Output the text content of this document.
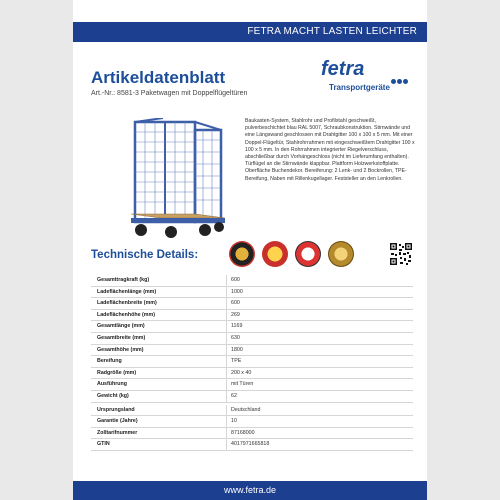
FETRA MACHT LASTEN LEICHTER
Artikeldatenblatt
Art.-Nr.: 8581-3 Paketwagen mit Doppelflügeltüren
fetra
Transportgeräte
Baukasten-System, Stahlrohr und Profilstahl geschweißt, pulverbeschichtet blau RAL 5007, Schraubkonstruktion. Stirnwände und eine Längswand geschlossen mit Drahtgitter 100 x 100 x 5 mm. Mit einer Doppel-Flügeltür, Stahlrohrrahmen mit eingeschweißtem Drahtgitter 100 x 100 x 5 mm. In den Rohrrahmen integrierter Riegelverschluss, abschließbar durch Vorhängeschloss (nicht im Lieferumfang enthalten). Türflügel an die Stirnwände klappbar. Plattform Holzwerkstoffplatte. Oberfläche Buchendekor. Bereiferung: 2 Lenk- und 2 Bockrollen, TPE-Bereifung, Naben mit Rillenkugellager. Feststeller an den Lenkrollen.
Technische Details:
Gesamttragkraft (kg)	600
Ladeflächenlänge (mm)	1000
Ladeflächenbreite (mm)	600
Ladeflächenhöhe (mm)	269
Gesamtlänge (mm)	1169
Gesamtbreite (mm)	630
Gesamthöhe (mm)	1800
Bereifung	TPE
Radgröße (mm)	200 x 40
Ausführung	mit Türen
Gewicht (kg)	62
Ursprungsland	Deutschland
Garantie (Jahre)	10
Zolltarifnummer	87168000
GTIN	4017971665818
www.fetra.de
